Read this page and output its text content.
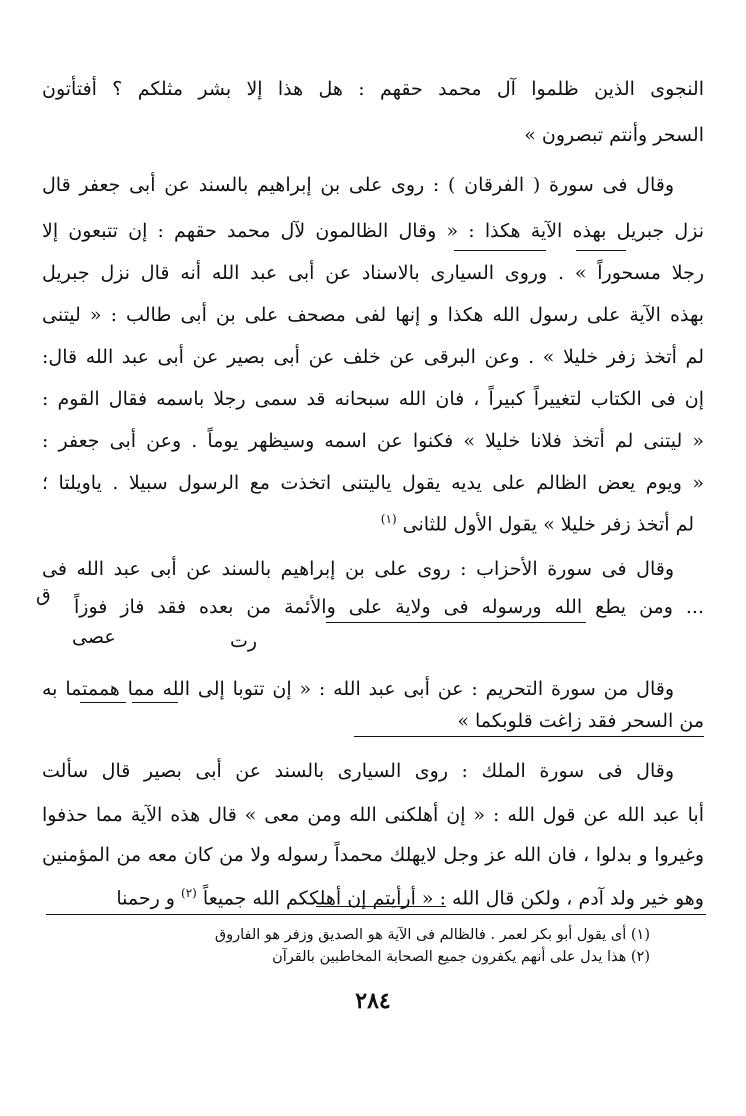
النجوى الذين ظلموا آل محمد حقهم : هل هذا إلا بشر مثلكم ؟ أفتأتون
السحر وأنتم تبصرون »
وقال فى سورة ( الفرقان ) : روى على بن إبراهيم بالسند عن أبى جعفر قال
نزل جبريل بهذه الآية هكذا : « وقال الظالمون لآل محمد حقهم : إن تتبعون إلا
رجلا مسحوراً » . وروى السيارى بالاسناد عن أبى عبد الله أنه قال نزل جبريل
بهذه الآية على رسول الله هكذا و إنها لفى مصحف على بن أبى طالب : « ليتنى
لم أتخذ زفر خليلا » . وعن البرقى عن خلف عن أبى بصير عن أبى عبد الله قال:
إن فى الكتاب لتغييراً كبيراً ، فان الله سبحانه قد سمى رجلا باسمه فقال القوم :
« ليتنى لم أتخذ فلانا خليلا » فكنوا عن اسمه وسيظهر يوماً . وعن أبى جعفر :
« ويوم يعض الظالم على يديه يقول ياليتنى اتخذت مع الرسول سبيلا . ياويلتا ؛
لم أتخذ زفر خليلا » يقول الأول للثانى $^{(١)}$
وقال فى سورة الأحزاب : روى على بن إبراهيم بالسند عن أبى عبد الله فى
ق
... ومن يطع الله ورسوله فى ولاية على والأئمة من بعده فقد فاز فوزاً
عصى	رت
وقال من سورة التحريم : عن أبى عبد الله : « إن تتوبا إلى الله مما هممتما به
من السحر فقد زاغت قلوبكما »
وقال فى سورة الملك : روى السيارى بالسند عن أبى بصير قال سألت
أبا عبد الله عن قول الله : « إن أهلكنى الله ومن معى » قال هذه الآية مما حذفوا
وغيروا و بدلوا ، فان الله عز وجل لايهلك محمداً رسوله ولا من كان معه من المؤمنين
وهو خير ولد آدم ، ولكن قال الله : « أرأيتم إن أهلككم الله جميعاً $^{(٢)}$ و رحمنا
(١) أى يقول أبو بكر لعمر . فالظالم فى الآية هو الصديق وزفر هو الفاروق
(٢) هذا يدل على أنهم يكفرون جميع الصحابة المخاطبين بالقرآن
٢٨٤
